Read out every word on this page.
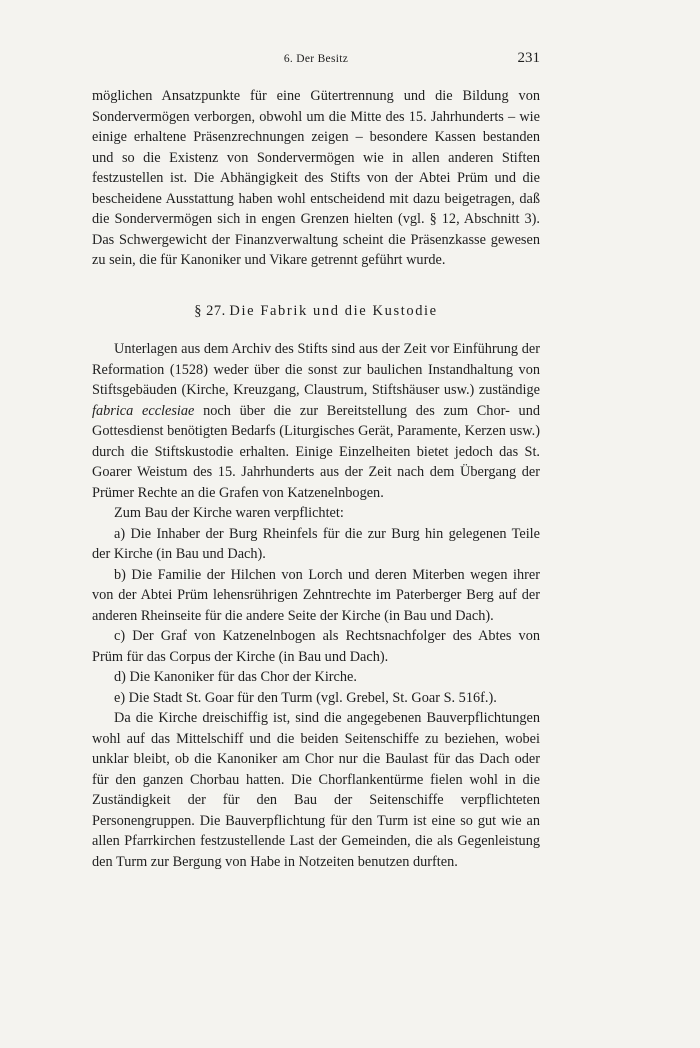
6. Der Besitz	231

möglichen Ansatzpunkte für eine Gütertrennung und die Bildung von Sondervermögen verborgen, obwohl um die Mitte des 15. Jahrhunderts – wie einige erhaltene Präsenzrechnungen zeigen – besondere Kassen bestanden und so die Existenz von Sondervermögen wie in allen anderen Stiften festzustellen ist. Die Abhängigkeit des Stifts von der Abtei Prüm und die bescheidene Ausstattung haben wohl entscheidend mit dazu beigetragen, daß die Sondervermögen sich in engen Grenzen hielten (vgl. § 12, Abschnitt 3). Das Schwergewicht der Finanzverwaltung scheint die Präsenzkasse gewesen zu sein, die für Kanoniker und Vikare getrennt geführt wurde.

§ 27. Die Fabrik und die Kustodie

Unterlagen aus dem Archiv des Stifts sind aus der Zeit vor Einführung der Reformation (1528) weder über die sonst zur baulichen Instandhaltung von Stiftsgebäuden (Kirche, Kreuzgang, Claustrum, Stiftshäuser usw.) zuständige fabrica ecclesiae noch über die zur Bereitstellung des zum Chor- und Gottesdienst benötigten Bedarfs (Liturgisches Gerät, Paramente, Kerzen usw.) durch die Stiftskustodie erhalten. Einige Einzelheiten bietet jedoch das St. Goarer Weistum des 15. Jahrhunderts aus der Zeit nach dem Übergang der Prümer Rechte an die Grafen von Katzenelnbogen.

Zum Bau der Kirche waren verpflichtet:

a) Die Inhaber der Burg Rheinfels für die zur Burg hin gelegenen Teile der Kirche (in Bau und Dach).

b) Die Familie der Hilchen von Lorch und deren Miterben wegen ihrer von der Abtei Prüm lehensrührigen Zehntrechte im Paterberger Berg auf der anderen Rheinseite für die andere Seite der Kirche (in Bau und Dach).

c) Der Graf von Katzenelnbogen als Rechtsnachfolger des Abtes von Prüm für das Corpus der Kirche (in Bau und Dach).

d) Die Kanoniker für das Chor der Kirche.

e) Die Stadt St. Goar für den Turm (vgl. Grebel, St. Goar S. 516f.).

Da die Kirche dreischiffig ist, sind die angegebenen Bauverpflichtungen wohl auf das Mittelschiff und die beiden Seitenschiffe zu beziehen, wobei unklar bleibt, ob die Kanoniker am Chor nur die Baulast für das Dach oder für den ganzen Chorbau hatten. Die Chorflankentürme fielen wohl in die Zuständigkeit der für den Bau der Seitenschiffe verpflichteten Personengruppen. Die Bauverpflichtung für den Turm ist eine so gut wie an allen Pfarrkirchen festzustellende Last der Gemeinden, die als Gegenleistung den Turm zur Bergung von Habe in Notzeiten benutzen durften.
